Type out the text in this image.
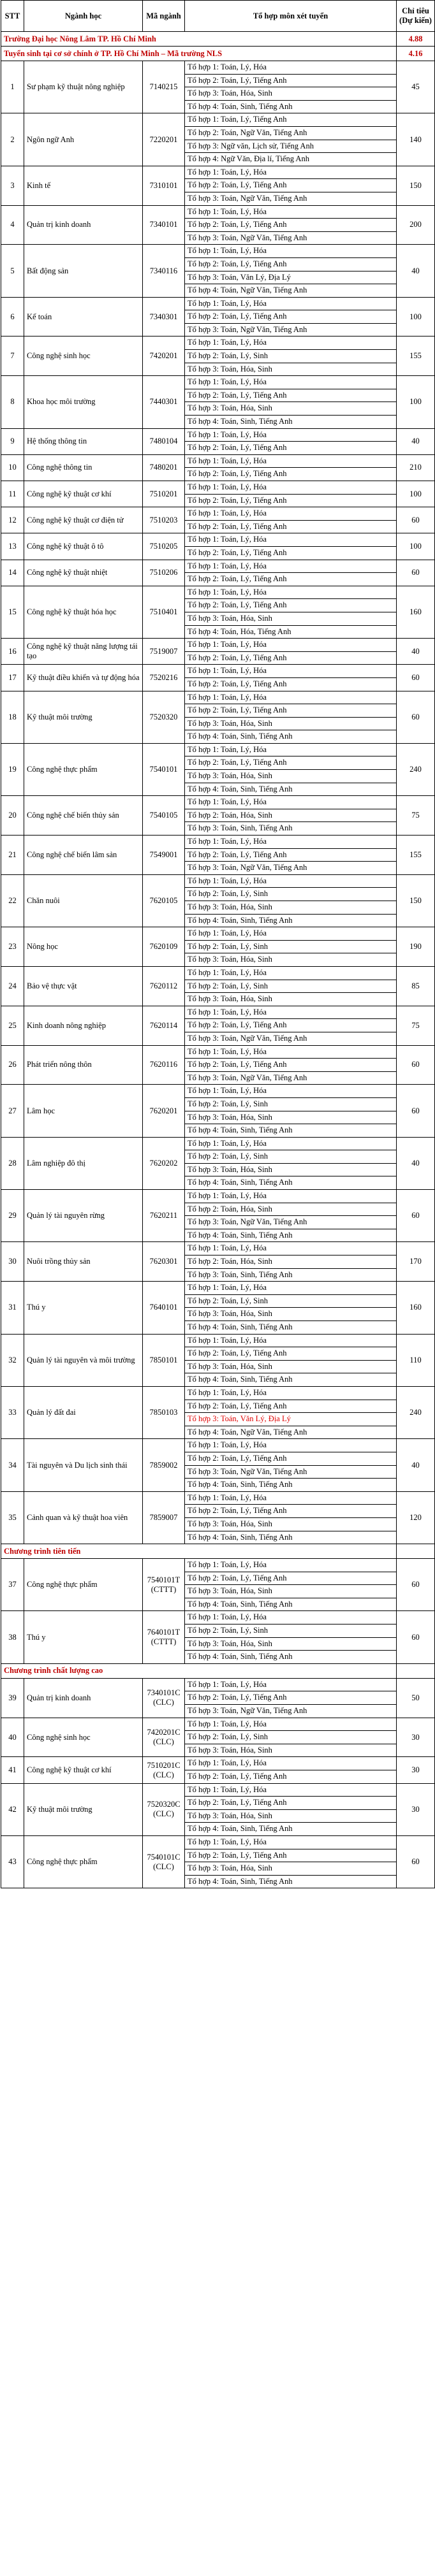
STT	Ngành học	Mã ngành	Tổ hợp môn xét tuyển	Chỉ tiêu (Dự kiến)
Trường Đại học Nông Lâm TP. Hồ Chí Minh				4.88
Tuyển sinh tại cơ sở chính ở TP. Hồ Chí Minh – Mã trường NLS				4.16
1	Sư phạm kỹ thuật nông nghiệp	7140215	Tổ hợp 1: Toán, Lý, Hóa
Tổ hợp 2: Toán, Lý, Tiếng Anh
Tổ hợp 3: Toán, Hóa, Sinh
Tổ hợp 4: Toán, Sinh, Tiếng Anh	45
2	Ngôn ngữ Anh	7220201	Tổ hợp 1: Toán, Lý, Tiếng Anh
Tổ hợp 2: Toán, Ngữ Văn, Tiếng Anh
Tổ hợp 3: Ngữ văn, Lịch sử, Tiếng Anh
Tổ hợp 4: Ngữ Văn, Địa lí, Tiếng Anh	140
3	Kinh tế	7310101	Tổ hợp 1: Toán, Lý, Hóa
Tổ hợp 2: Toán, Lý, Tiếng Anh
Tổ hợp 3: Toán, Ngữ Văn, Tiếng Anh	150
4	Quản trị kinh doanh	7340101	Tổ hợp 1: Toán, Lý, Hóa
Tổ hợp 2: Toán, Lý, Tiếng Anh
Tổ hợp 3: Toán, Ngữ Văn, Tiếng Anh	200
5	Bất động sản	7340116	Tổ hợp 1: Toán, Lý, Hóa
Tổ hợp 2: Toán, Lý, Tiếng Anh
Tổ hợp 3: Toán, Văn Lý, Địa Lý
Tổ hợp 4: Toán, Ngữ Văn, Tiếng Anh	40
6	Kế toán	7340301	Tổ hợp 1: Toán, Lý, Hóa
Tổ hợp 2: Toán, Lý, Tiếng Anh
Tổ hợp 3: Toán, Ngữ Văn, Tiếng Anh	100
7	Công nghệ sinh học	7420201	Tổ hợp 1: Toán, Lý, Hóa
Tổ hợp 2: Toán, Lý, Sinh
Tổ hợp 3: Toán, Hóa, Sinh	155
8	Khoa học môi trường	7440301	Tổ hợp 1: Toán, Lý, Hóa
Tổ hợp 2: Toán, Lý, Tiếng Anh
Tổ hợp 3: Toán, Hóa, Sinh
Tổ hợp 4: Toán, Sinh, Tiếng Anh	100
9	Hệ thống thông tin	7480104	Tổ hợp 1: Toán, Lý, Hóa
Tổ hợp 2: Toán, Lý, Tiếng Anh	40
10	Công nghệ thông tin	7480201	Tổ hợp 1: Toán, Lý, Hóa
Tổ hợp 2: Toán, Lý, Tiếng Anh	210
11	Công nghệ kỹ thuật cơ khí	7510201	Tổ hợp 1: Toán, Lý, Hóa
Tổ hợp 2: Toán, Lý, Tiếng Anh	100
12	Công nghệ kỹ thuật cơ điện tử	7510203	Tổ hợp 1: Toán, Lý, Hóa
Tổ hợp 2: Toán, Lý, Tiếng Anh	60
13	Công nghệ kỹ thuật ô tô	7510205	Tổ hợp 1: Toán, Lý, Hóa
Tổ hợp 2: Toán, Lý, Tiếng Anh	100
14	Công nghệ kỹ thuật nhiệt	7510206	Tổ hợp 1: Toán, Lý, Hóa
Tổ hợp 2: Toán, Lý, Tiếng Anh	60
15	Công nghệ kỹ thuật hóa học	7510401	Tổ hợp 1: Toán, Lý, Hóa
Tổ hợp 2: Toán, Lý, Tiếng Anh
Tổ hợp 3: Toán, Hóa, Sinh
Tổ hợp 4: Toán, Hóa, Tiếng Anh	160
16	Công nghệ kỹ thuật năng lượng tái tạo	7519007	Tổ hợp 1: Toán, Lý, Hóa
Tổ hợp 2: Toán, Lý, Tiếng Anh	40
17	Kỹ thuật điều khiển và tự động hóa	7520216	Tổ hợp 1: Toán, Lý, Hóa
Tổ hợp 2: Toán, Lý, Tiếng Anh	60
18	Kỹ thuật môi trường	7520320	Tổ hợp 1: Toán, Lý, Hóa
Tổ hợp 2: Toán, Lý, Tiếng Anh
Tổ hợp 3: Toán, Hóa, Sinh
Tổ hợp 4: Toán, Sinh, Tiếng Anh	60
19	Công nghệ thực phẩm	7540101	Tổ hợp 1: Toán, Lý, Hóa
Tổ hợp 2: Toán, Lý, Tiếng Anh
Tổ hợp 3: Toán, Hóa, Sinh
Tổ hợp 4: Toán, Sinh, Tiếng Anh	240
20	Công nghệ chế biến thủy sản	7540105	Tổ hợp 1: Toán, Lý, Hóa
Tổ hợp 2: Toán, Hóa, Sinh
Tổ hợp 3: Toán, Sinh, Tiếng Anh	75
21	Công nghệ chế biến lâm sản	7549001	Tổ hợp 1: Toán, Lý, Hóa
Tổ hợp 2: Toán, Lý, Tiếng Anh
Tổ hợp 3: Toán, Ngữ Văn, Tiếng Anh	155
22	Chăn nuôi	7620105	Tổ hợp 1: Toán, Lý, Hóa
Tổ hợp 2: Toán, Lý, Sinh
Tổ hợp 3: Toán, Hóa, Sinh
Tổ hợp 4: Toán, Sinh, Tiếng Anh	150
23	Nông học	7620109	Tổ hợp 1: Toán, Lý, Hóa
Tổ hợp 2: Toán, Lý, Sinh
Tổ hợp 3: Toán, Hóa, Sinh	190
24	Bảo vệ thực vật	7620112	Tổ hợp 1: Toán, Lý, Hóa
Tổ hợp 2: Toán, Lý, Sinh
Tổ hợp 3: Toán, Hóa, Sinh	85
25	Kinh doanh nông nghiệp	7620114	Tổ hợp 1: Toán, Lý, Hóa
Tổ hợp 2: Toán, Lý, Tiếng Anh
Tổ hợp 3: Toán, Ngữ Văn, Tiếng Anh	75
26	Phát triển nông thôn	7620116	Tổ hợp 1: Toán, Lý, Hóa
Tổ hợp 2: Toán, Lý, Tiếng Anh
Tổ hợp 3: Toán, Ngữ Văn, Tiếng Anh	60
27	Lâm học	7620201	Tổ hợp 1: Toán, Lý, Hóa
Tổ hợp 2: Toán, Lý, Sinh
Tổ hợp 3: Toán, Hóa, Sinh
Tổ hợp 4: Toán, Sinh, Tiếng Anh	60
28	Lâm nghiệp đô thị	7620202	Tổ hợp 1: Toán, Lý, Hóa
Tổ hợp 2: Toán, Lý, Sinh
Tổ hợp 3: Toán, Hóa, Sinh
Tổ hợp 4: Toán, Sinh, Tiếng Anh	40
29	Quản lý tài nguyên rừng	7620211	Tổ hợp 1: Toán, Lý, Hóa
Tổ hợp 2: Toán, Hóa, Sinh
Tổ hợp 3: Toán, Ngữ Văn, Tiếng Anh
Tổ hợp 4: Toán, Sinh, Tiếng Anh	60
30	Nuôi trồng thủy sản	7620301	Tổ hợp 1: Toán, Lý, Hóa
Tổ hợp 2: Toán, Hóa, Sinh
Tổ hợp 3: Toán, Sinh, Tiếng Anh	170
31	Thú y	7640101	Tổ hợp 1: Toán, Lý, Hóa
Tổ hợp 2: Toán, Lý, Sinh
Tổ hợp 3: Toán, Hóa, Sinh
Tổ hợp 4: Toán, Sinh, Tiếng Anh	160
32	Quản lý tài nguyên và môi trường	7850101	Tổ hợp 1: Toán, Lý, Hóa
Tổ hợp 2: Toán, Lý, Tiếng Anh
Tổ hợp 3: Toán, Hóa, Sinh
Tổ hợp 4: Toán, Sinh, Tiếng Anh	110
33	Quản lý đất đai	7850103	Tổ hợp 1: Toán, Lý, Hóa
Tổ hợp 2: Toán, Lý, Tiếng Anh
Tổ hợp 3: Toán, Văn Lý, Địa Lý
Tổ hợp 4: Toán, Ngữ Văn, Tiếng Anh	240
34	Tài nguyên và Du lịch sinh thái	7859002	Tổ hợp 1: Toán, Lý, Hóa
Tổ hợp 2: Toán, Lý, Tiếng Anh
Tổ hợp 3: Toán, Ngữ Văn, Tiếng Anh
Tổ hợp 4: Toán, Sinh, Tiếng Anh	40
35	Cảnh quan và kỹ thuật hoa viên	7859007	Tổ hợp 1: Toán, Lý, Hóa
Tổ hợp 2: Toán, Lý, Tiếng Anh
Tổ hợp 3: Toán, Hóa, Sinh
Tổ hợp 4: Toán, Sinh, Tiếng Anh	120
Chương trình tiên tiến				
37	Công nghệ thực phẩm	7540101T (CTTT)	Tổ hợp 1: Toán, Lý, Hóa
Tổ hợp 2: Toán, Lý, Tiếng Anh
Tổ hợp 3: Toán, Hóa, Sinh
Tổ hợp 4: Toán, Sinh, Tiếng Anh	60
38	Thú y	7640101T (CTTT)	Tổ hợp 1: Toán, Lý, Hóa
Tổ hợp 2: Toán, Lý, Sinh
Tổ hợp 3: Toán, Hóa, Sinh
Tổ hợp 4: Toán, Sinh, Tiếng Anh	60
Chương trình chất lượng cao				
39	Quản trị kinh doanh	7340101C (CLC)	Tổ hợp 1: Toán, Lý, Hóa
Tổ hợp 2: Toán, Lý, Tiếng Anh
Tổ hợp 3: Toán, Ngữ Văn, Tiếng Anh	50
40	Công nghệ sinh học	7420201C (CLC)	Tổ hợp 1: Toán, Lý, Hóa
Tổ hợp 2: Toán, Lý, Sinh
Tổ hợp 3: Toán, Hóa, Sinh	30
41	Công nghệ kỹ thuật cơ khí	7510201C (CLC)	Tổ hợp 1: Toán, Lý, Hóa
Tổ hợp 2: Toán, Lý, Tiếng Anh	30
42	Kỹ thuật môi trường	7520320C (CLC)	Tổ hợp 1: Toán, Lý, Hóa
Tổ hợp 2: Toán, Lý, Tiếng Anh
Tổ hợp 3: Toán, Hóa, Sinh
Tổ hợp 4: Toán, Sinh, Tiếng Anh	30
43	Công nghệ thực phẩm	7540101C (CLC)	Tổ hợp 1: Toán, Lý, Hóa
Tổ hợp 2: Toán, Lý, Tiếng Anh
Tổ hợp 3: Toán, Hóa, Sinh
Tổ hợp 4: Toán, Sinh, Tiếng Anh	60
